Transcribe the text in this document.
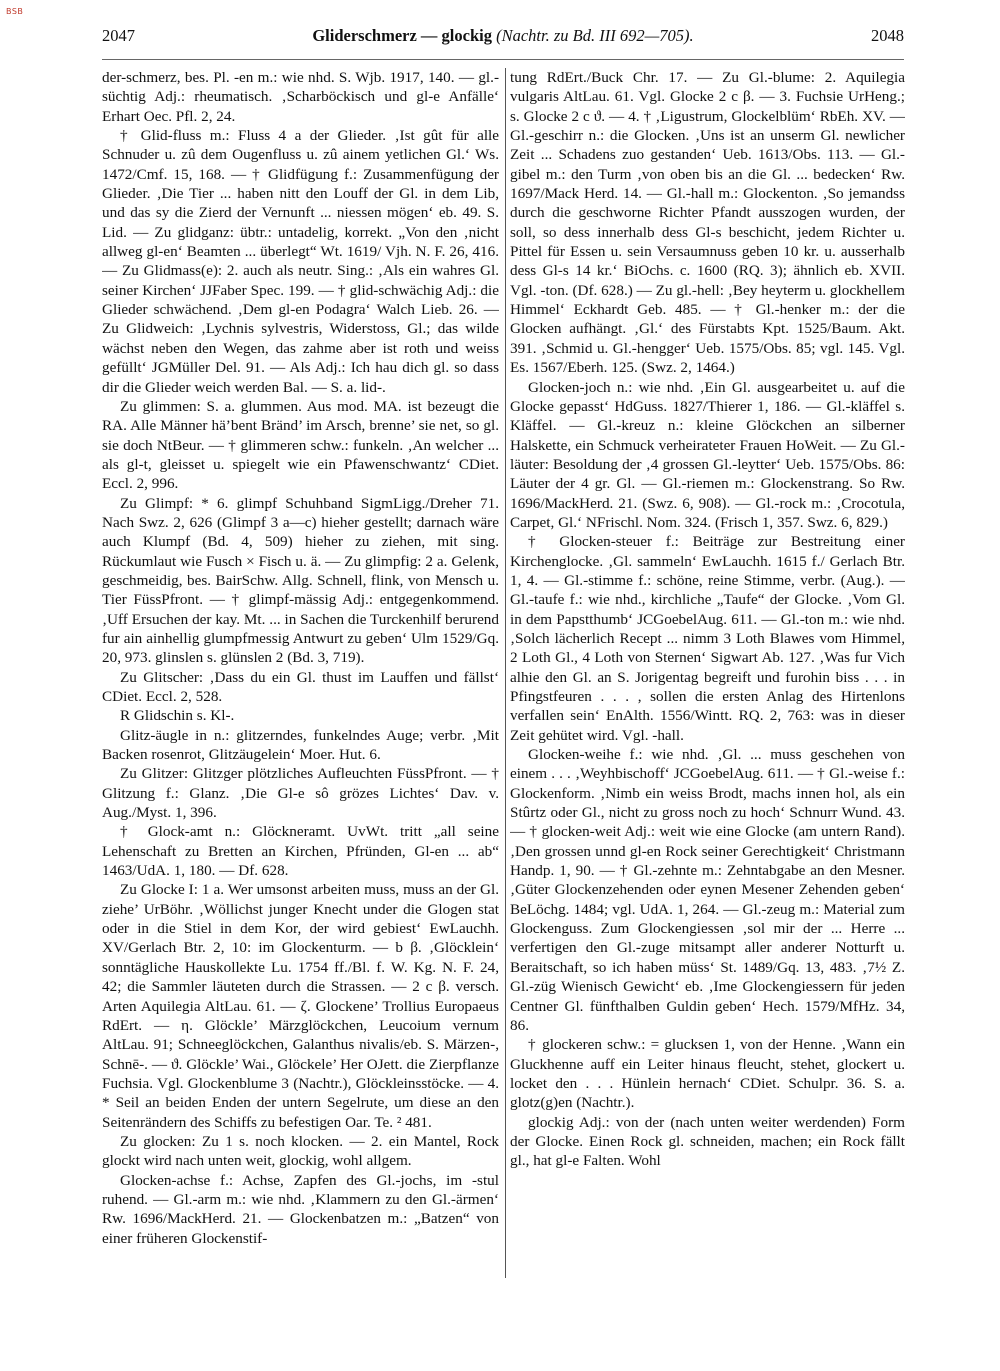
BSB
2047	Gliderschmerz — glockig (Nachtr. zu Bd. III 692—705).	2048

der-schmerz, bes. Pl. -en m.: wie nhd. S. Wjb. 1917, 140. — gl.-süchtig Adj.: rheumatisch. ‚Scharböckisch und gl-e Anfälle‘ Erhart Oec. Pfl. 2, 24.

† Glid-fluss m.: Fluss 4 a der Glieder. ‚Ist gût für alle Schnuder u. zû dem Ougenfluss u. zû ainem yetlichen Gl.‘ Ws. 1472/Cmf. 15, 168. — † Glidfügung f.: Zusammenfügung der Glieder. ‚Die Tier ... haben nitt den Louff der Gl. in dem Lib, und das sy die Zierd der Vernunft ... niessen mögen‘ eb. 49. S. Lid. — Zu glidganz: übtr.: untadelig, korrekt. „Von den ‚nicht allweg gl-en‘ Beamten ... überlegt“ Wt. 1619/ Vjh. N. F. 26, 416. — Zu Glidmass(e): 2. auch als neutr. Sing.: ‚Als ein wahres Gl. seiner Kirchen‘ JJFaber Spec. 199. — † glid-schwächig Adj.: die Glieder schwächend. ‚Dem gl-en Podagra‘ Walch Lieb. 26. — Zu Glidweich: ‚Lychnis sylvestris, Widerstoss, Gl.; das wilde wächst neben den Wegen, das zahme aber ist roth und weiss gefüllt‘ JGMüller Del. 91. — Als Adj.: Ich hau dich gl. so dass dir die Glieder weich werden Bal. — S. a. lid-.

Zu glimmen: S. a. glummen. Aus mod. MA. ist bezeugt die RA. Alle Männer hä’bent Bränd’ im Arsch, brenne’ sie net, so gl. sie doch NtBeur. — † glimmeren schw.: funkeln. ‚An welcher ... als gl-t, gleisset u. spiegelt wie ein Pfawenschwantz‘ CDiet. Eccl. 2, 996.

Zu Glimpf: * 6. glimpf Schuhband SigmLigg./Dreher 71. Nach Swz. 2, 626 (Glimpf 3 a—c) hieher gestellt; darnach wäre auch Klumpf (Bd. 4, 509) hieher zu ziehen, mit sing. Rückumlaut wie Fusch × Fisch u. ä. — Zu glimpfig: 2 a. Gelenk, geschmeidig, bes. BairSchw. Allg. Schnell, flink, von Mensch u. Tier FüssPfront. — † glimpf-mässig Adj.: entgegenkommend. ‚Uff Ersuchen der kay. Mt. ... in Sachen die Turckenhilf berurend fur ain ainhellig glumpfmessig Antwurt zu geben‘ Ulm 1529/Gq. 20, 973. glinslen s. glünslen 2 (Bd. 3, 719).

Zu Glitscher: ‚Dass du ein Gl. thust im Lauffen und fällst‘ CDiet. Eccl. 2, 528.

R Glidschin s. Kl-.

Glitz-äugle in n.: glitzerndes, funkelndes Auge; verbr. ‚Mit Backen rosenrot, Glitzäugelein‘ Moer. Hut. 6.

Zu Glitzer: Glitzger plötzliches Aufleuchten FüssPfront. — † Glitzung f.: Glanz. ‚Die Gl-e sô grözes Lichtes‘ Dav. v. Aug./Myst. 1, 396.

† Glock-amt n.: Glöckneramt. UvWt. tritt „all seine Lehenschaft zu Bretten an Kirchen, Pfründen, Gl-en ... ab“ 1463/UdA. 1, 180. — Df. 628.

Zu Glocke I: 1 a. Wer umsonst arbeiten muss, muss an der Gl. ziehe’ UrBöhr. ‚Wöllichst junger Knecht under die Glogen stat oder in die Stiel in dem Kor, der wird gebiest‘ EwLauchh. XV/Gerlach Btr. 2, 10: im Glockenturm. — b β. ‚Glöcklein‘ sonntägliche Hauskollekte Lu. 1754 ff./Bl. f. W. Kg. N. F. 24, 42; die Sammler läuteten durch die Strassen. — 2 c β. versch. Arten Aquilegia AltLau. 61. — ζ. Glockene’ Trollius Europaeus RdErt. — η. Glöckle’ Märzglöckchen, Leucoium vernum AltLau. 91; Schneeglöckchen, Galanthus nivalis/eb. S. Märzen-, Schnē-. — ϑ. Glöckle’ Wai., Glöckele’ Her OJett. die Zierpflanze Fuchsia. Vgl. Glockenblume 3 (Nachtr.), Glöckleinsstöcke. — 4. * Seil an beiden Enden der untern Segelrute, um diese an den Seitenrändern des Schiffs zu befestigen Oar. Te. ² 481.

Zu glocken: Zu 1 s. noch klocken. — 2. ein Mantel, Rock glockt wird nach unten weit, glockig, wohl allgem.

Glocken-achse f.: Achse, Zapfen des Gl.-jochs, im -stul ruhend. — Gl.-arm m.: wie nhd. ‚Klammern zu den Gl.-ärmen‘ Rw. 1696/MackHerd. 21. — Glockenbatzen m.: „Batzen“ von einer früheren Glockenstif-

tung RdErt./Buck Chr. 17. — Zu Gl.-blume: 2. Aquilegia vulgaris AltLau. 61. Vgl. Glocke 2 c β. — 3. Fuchsie UrHeng.; s. Glocke 2 c ϑ. — 4. † ‚Ligustrum, Glockelblüm‘ RbEh. XV. — Gl.-geschirr n.: die Glocken. ‚Uns ist an unserm Gl. newlicher Zeit ... Schadens zuo gestanden‘ Ueb. 1613/Obs. 113. — Gl.-gibel m.: den Turm ‚von oben bis an die Gl. ... bedecken‘ Rw. 1697/Mack Herd. 14. — Gl.-hall m.: Glockenton. ‚So jemandss durch die geschworne Richter Pfandt ausszogen wurden, der soll, so dess innerhalb dess Gl-s beschicht, jedem Richter u. Pittel für Essen u. sein Versaumnuss geben 10 kr. u. ausserhalb dess Gl-s 14 kr.‘ BiOchs. c. 1600 (RQ. 3); ähnlich eb. XVII. Vgl. -ton. (Df. 628.) — Zu gl.-hell: ‚Bey heyterm u. glockhellem Himmel‘ Eckhardt Geb. 485. — † Gl.-henker m.: der die Glocken aufhängt. ‚Gl.‘ des Fürstabts Kpt. 1525/Baum. Akt. 391. ‚Schmid u. Gl.-hengger‘ Ueb. 1575/Obs. 85; vgl. 145. Vgl. Es. 1567/Eberh. 125. (Swz. 2, 1464.)

Glocken-joch n.: wie nhd. ‚Ein Gl. ausgearbeitet u. auf die Glocke gepasst‘ HdGuss. 1827/Thierer 1, 186. — Gl.-kläffel s. Kläffel. — Gl.-kreuz n.: kleine Glöckchen an silberner Halskette, ein Schmuck verheirateter Frauen HoWeit. — Zu Gl.-läuter: Besoldung der ‚4 grossen Gl.-leytter‘ Ueb. 1575/Obs. 86: Läuter der 4 gr. Gl. — Gl.-riemen m.: Glockenstrang. So Rw. 1696/MackHerd. 21. (Swz. 6, 908). — Gl.-rock m.: ‚Crocotula, Carpet, Gl.‘ NFrischl. Nom. 324. (Frisch 1, 357. Swz. 6, 829.)

† Glocken-steuer f.: Beiträge zur Bestreitung einer Kirchenglocke. ‚Gl. sammeln‘ EwLauchh. 1615 f./ Gerlach Btr. 1, 4. — Gl.-stimme f.: schöne, reine Stimme, verbr. (Aug.). — Gl.-taufe f.: wie nhd., kirchliche „Taufe“ der Glocke. ‚Vom Gl. in dem Papstthumb‘ JCGoebelAug. 611. — Gl.-ton m.: wie nhd. ‚Solch lächerlich Recept ... nimm 3 Loth Blawes vom Himmel, 2 Loth Gl., 4 Loth von Sternen‘ Sigwart Ab. 127. ‚Was fur Vich alhie den Gl. an S. Jorigentag begreift und furohin biss . . . in Pfingstfeuren . . . , sollen die ersten Anlag des Hirtenlons verfallen sein‘ EnAlth. 1556/Wintt. RQ. 2, 763: was in dieser Zeit gehütet wird. Vgl. -hall.

Glocken-weihe f.: wie nhd. ‚Gl. ... muss geschehen von einem . . . ‚Weyhbischoff‘ JCGoebelAug. 611. — † Gl.-weise f.: Glockenform. ‚Nimb ein weiss Brodt, machs innen hol, als ein Stûrtz oder Gl., nicht zu gross noch zu hoch‘ Schnurr Wund. 43. — † glocken-weit Adj.: weit wie eine Glocke (am untern Rand). ‚Den grossen unnd gl-en Rock seiner Gerechtigkeit‘ Christmann Handp. 1, 90. — † Gl.-zehnte m.: Zehntabgabe an den Mesner. ‚Güter Glockenzehenden oder eynen Mesener Zehenden geben‘ BeLöchg. 1484; vgl. UdA. 1, 264. — Gl.-zeug m.: Material zum Glockenguss. Zum Glockengiessen ‚sol mir der ... Herre ... verfertigen den Gl.-zuge mitsampt aller anderer Notturft u. Beraitschaft, so ich haben müss‘ St. 1489/Gq. 13, 483. ‚7½ Z. Gl.-züg Wienisch Gewicht‘ eb. ‚Ime Glockengiessern für jeden Centner Gl. fünfthalben Guldin geben‘ Hech. 1579/MfHz. 34, 86.

† glockeren schw.: = glucksen 1, von der Henne. ‚Wann ein Gluckhenne auff ein Leiter hinaus fleucht, stehet, glockert u. locket den . . . Hünlein hernach‘ CDiet. Schulpr. 36. S. a. glotz(g)en (Nachtr.).

glockig Adj.: von der (nach unten weiter werdenden) Form der Glocke. Einen Rock gl. schneiden, machen; ein Rock fällt gl., hat gl-e Falten. Wohl
